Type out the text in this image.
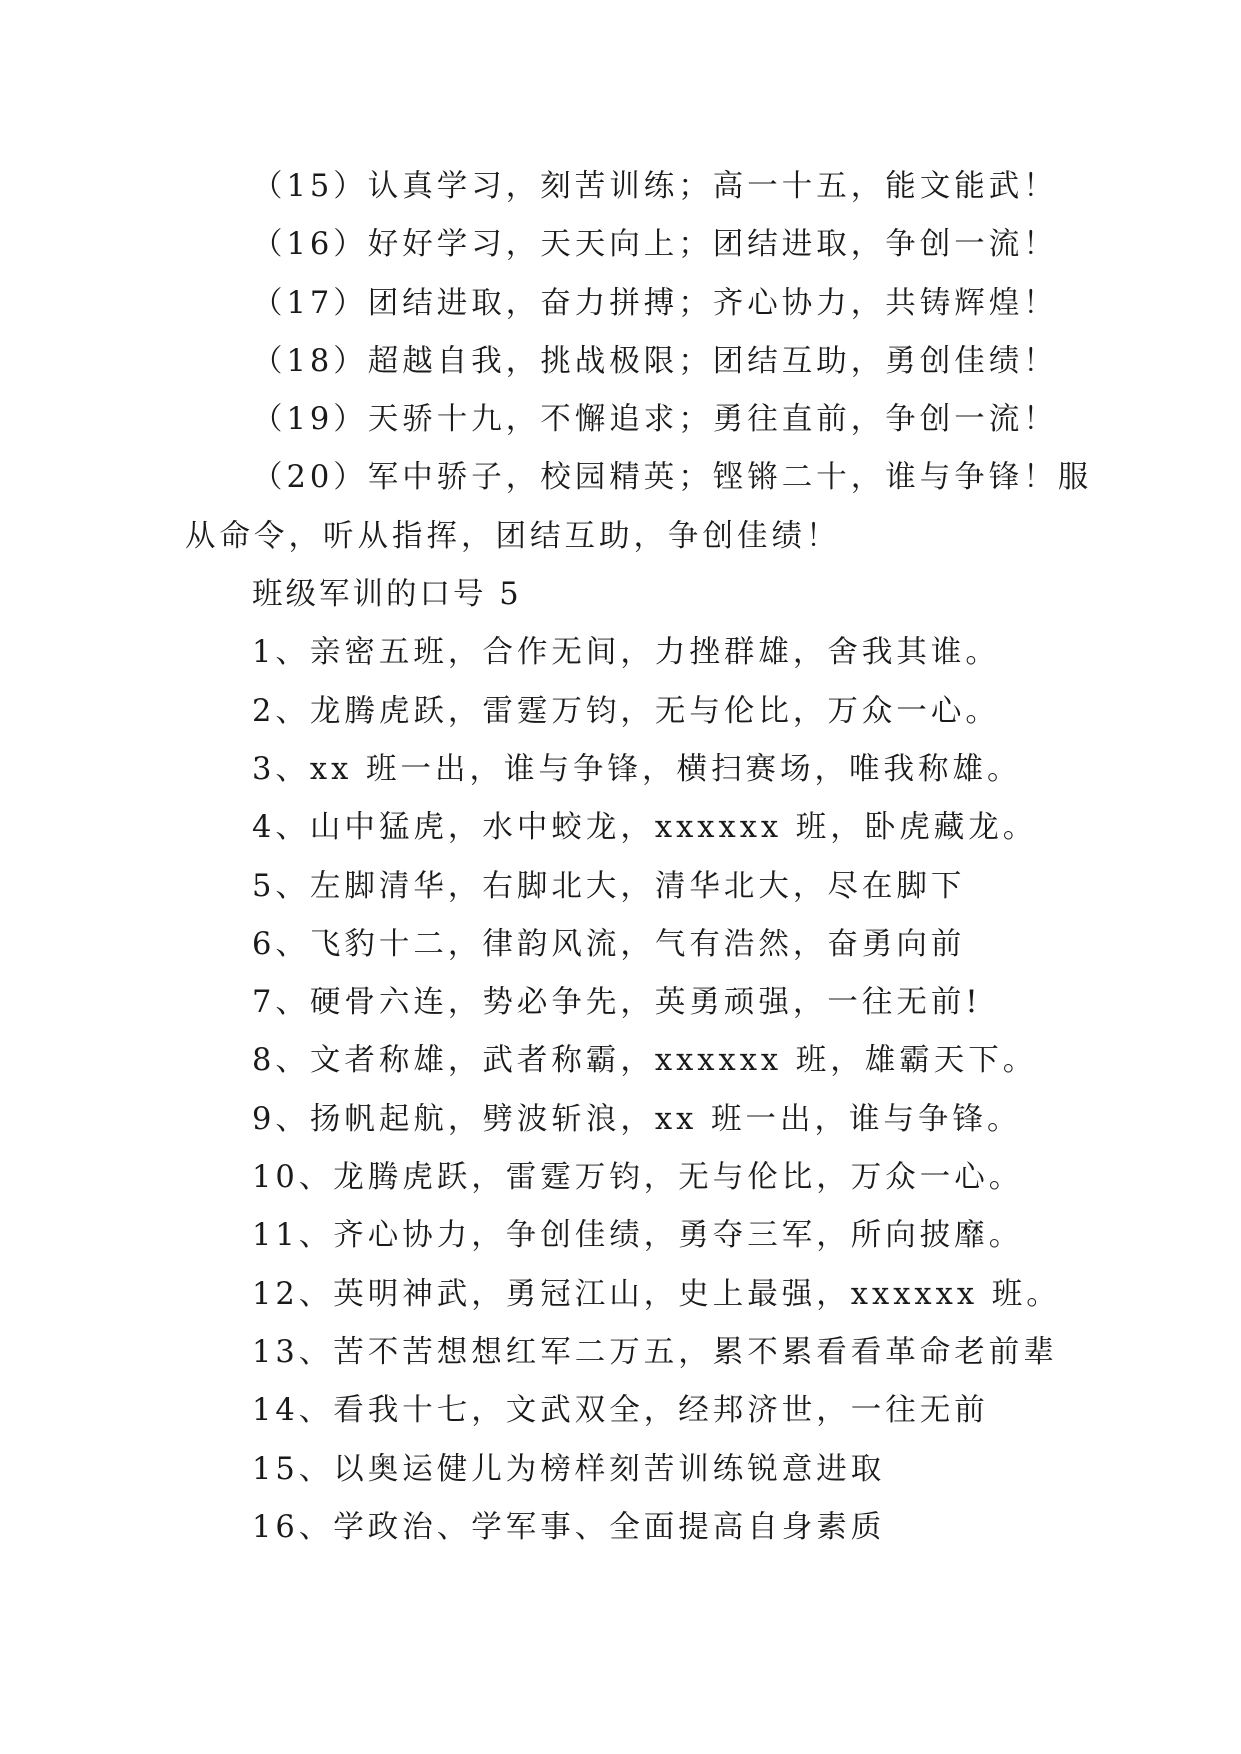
（15）认真学习，刻苦训练；高一十五，能文能武！
（16）好好学习，天天向上；团结进取，争创一流！
（17）团结进取，奋力拼搏；齐心协力，共铸辉煌！
（18）超越自我，挑战极限；团结互助，勇创佳绩！
（19）天骄十九，不懈追求；勇往直前，争创一流！
（20）军中骄子，校园精英；铿锵二十，谁与争锋！服
从命令，听从指挥，团结互助，争创佳绩！
班级军训的口号 5
1、亲密五班，合作无间，力挫群雄，舍我其谁。
2、龙腾虎跃，雷霆万钧，无与伦比，万众一心。
3、xx 班一出，谁与争锋，横扫赛场，唯我称雄。
4、山中猛虎，水中蛟龙，xxxxxx 班，卧虎藏龙。
5、左脚清华，右脚北大，清华北大，尽在脚下
6、飞豹十二，律韵风流，气有浩然，奋勇向前
7、硬骨六连，势必争先，英勇顽强，一往无前!
8、文者称雄，武者称霸，xxxxxx 班，雄霸天下。
9、扬帆起航，劈波斩浪，xx 班一出，谁与争锋。
10、龙腾虎跃，雷霆万钧，无与伦比，万众一心。
11、齐心协力，争创佳绩，勇夺三军，所向披靡。
12、英明神武，勇冠江山，史上最强，xxxxxx 班。
13、苦不苦想想红军二万五，累不累看看革命老前辈
14、看我十七，文武双全，经邦济世，一往无前
15、以奥运健儿为榜样刻苦训练锐意进取
16、学政治、学军事、全面提高自身素质
